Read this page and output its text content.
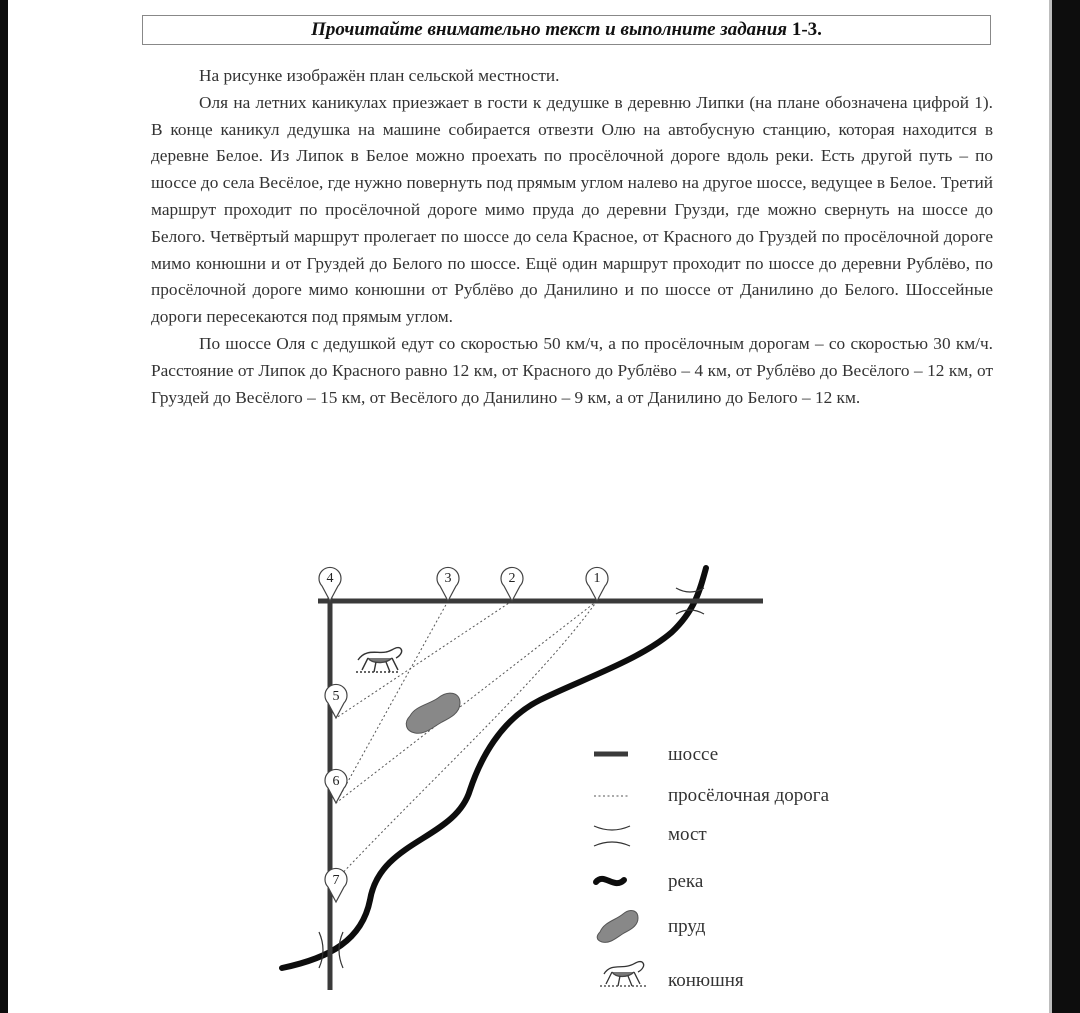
Прочитайте внимательно текст и выполните задания 1-3.

На рисунке изображён план сельской местности.

Оля на летних каникулах приезжает в гости к дедушке в деревню Липки (на плане обозначена цифрой 1). В конце каникул дедушка на машине собирается отвезти Олю на автобусную станцию, которая находится в деревне Белое. Из Липок в Белое можно проехать по просёлочной дороге вдоль реки. Есть другой путь – по шоссе до села Весёлое, где нужно повернуть под прямым углом налево на другое шоссе, ведущее в Белое. Третий маршрут проходит по просёлочной дороге мимо пруда до деревни Грузди, где можно свернуть на шоссе до Белого. Четвёртый маршрут пролегает по шоссе до села Красное, от Красного до Груздей по просёлочной дороге мимо конюшни и от Груздей до Белого по шоссе. Ещё один маршрут проходит по шоссе до деревни Рублёво, по просёлочной дороге мимо конюшни от Рублёво до Данилино и по шоссе от Данилино до Белого. Шоссейные дороги пересекаются под прямым углом.

По шоссе Оля с дедушкой едут со скоростью 50 км/ч, а по просёлочным дорогам – со скоростью 30 км/ч. Расстояние от Липок до Красного равно 12 км, от Красного до Рублёво – 4 км, от Рублёво до Весёлого – 12 км, от Груздей до Весёлого – 15 км, от Весёлого до Данилино – 9 км, а от Данилино до Белого – 12 км.

4	3	2	1
5
6
7
шоссе
просёлочная дорога
мост
река
пруд
конюшня
